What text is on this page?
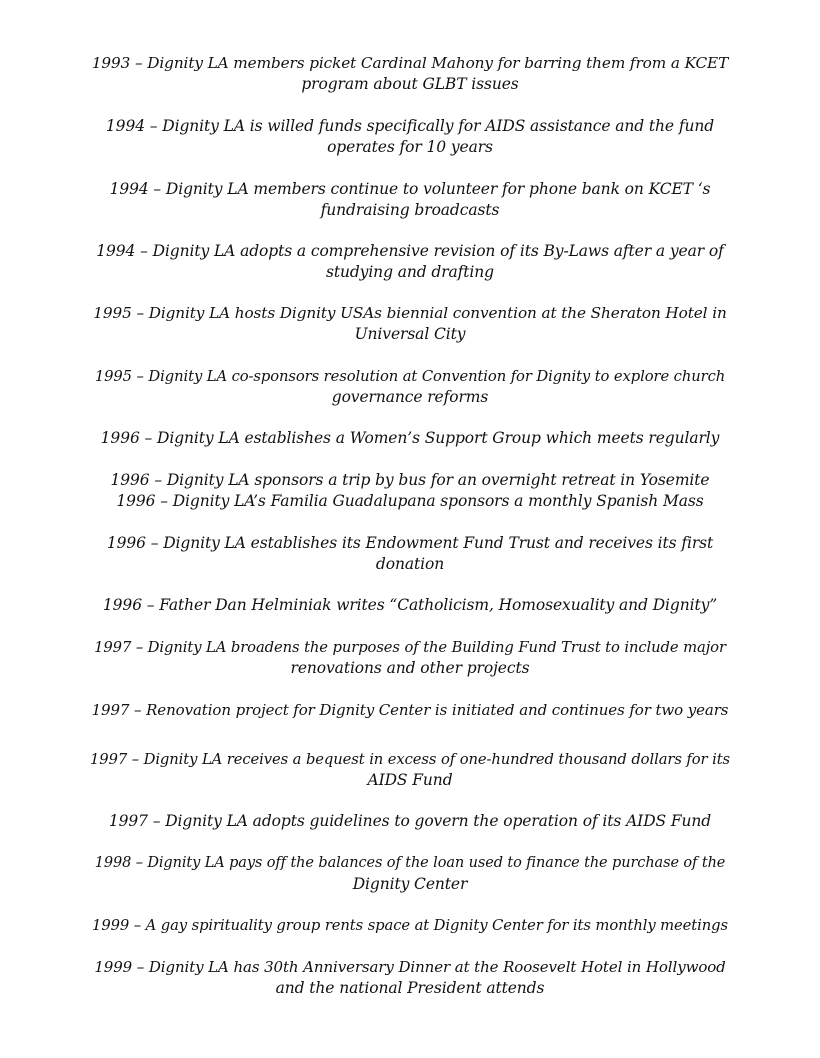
1993 – Dignity LA members picket Cardinal Mahony for barring them from a KCET
program about GLBT issues
1994 – Dignity LA is willed funds specifically for AIDS assistance and the fund
operates for 10 years
1994 – Dignity LA members continue to volunteer for phone bank on KCET ‘s
fundraising broadcasts
1994 – Dignity LA adopts a comprehensive revision of its By-Laws after a year of
studying and drafting
1995 – Dignity LA hosts Dignity USAs biennial convention at the Sheraton Hotel in
Universal City
1995 – Dignity LA co-sponsors resolution at Convention for Dignity to explore church
governance reforms
1996 – Dignity LA establishes a Women’s Support Group which meets regularly
1996 – Dignity LA sponsors a trip by bus for an overnight retreat in Yosemite
1996 – Dignity LA’s Familia Guadalupana sponsors a monthly Spanish Mass
1996 – Dignity LA establishes its Endowment Fund Trust and receives its first
donation
1996 – Father Dan Helminiak writes “Catholicism, Homosexuality and Dignity”
1997 – Dignity LA broadens the purposes of the Building Fund Trust to include major
renovations and other projects
1997 – Renovation project for Dignity Center is initiated and continues for two years
1997 – Dignity LA receives a bequest in excess of one-hundred thousand dollars for its
AIDS Fund
1997 – Dignity LA adopts guidelines to govern the operation of its AIDS Fund
1998 – Dignity LA pays off the balances of the loan used to finance the purchase of the
Dignity Center
1999 – A gay spirituality group rents space at Dignity Center for its monthly meetings
1999 – Dignity LA has 30th Anniversary Dinner at the Roosevelt Hotel in Hollywood
and the national President attends
